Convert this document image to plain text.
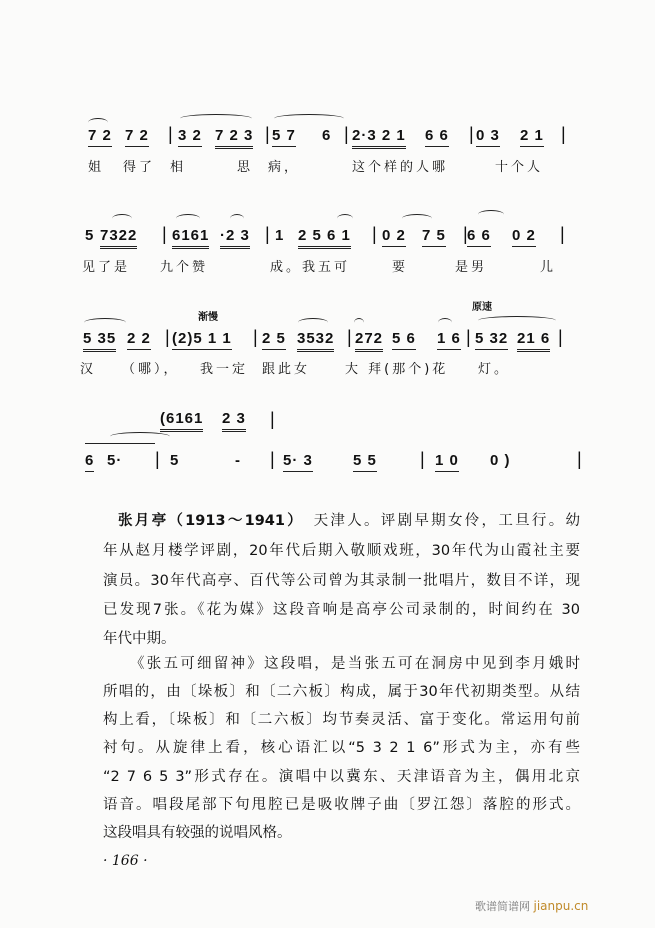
7 2 7 2 | 3 2 7 2 3 | 5 7 6 | 2·3 2 1 6 6 | 0 3 2 1 |
姐 得了 相	思 病，	这个样的人哪	十个人
5 7322 | 6161 ·2 3 | 1 2 5 6 1 | 0 2 7 5 | 6 6 0 2 |
见了是 九个赞	成。我五可	要	是男	儿
5 35 2 2 | (2)5 1 1 | 2 5 3532 | 272 5 6 1 6 | 5 32 21 6 |
汉 （哪）， 我一定 跟此女	大 拜(那个)花 灯。
渐慢
原速
6 5· | 5	- | 5· 3	5 5 | 1 0 0 )	|
(6161 2 3 |
张月亭（1913～1941）　 天津人。评剧早期女伶，工旦行。幼
年从赵月楼学评剧，20年代后期入敬顺戏班，30年代为山霞社主要
演员。30年代高亭、百代等公司曾为其录制一批唱片，数目不详，现
已发现7张。《花为媒》这段音响是高亭公司录制的，时间约在 30
年代中期。
《张五可细留神》这段唱，是当张五可在洞房中见到李月娥时
所唱的，由〔垛板〕和〔二六板〕构成，属于30年代初期类型。从结
构上看，〔垛板〕和〔二六板〕均节奏灵活、富于变化。常运用句前
衬句。从旋律上看，核心语汇以“5 3 2 1 6”形式为主，亦有些
“2 7 6 5 3”形式存在。演唱中以冀东、天津语音为主，偶用北京
语音。唱段尾部下句甩腔已是吸收牌子曲〔罗江怨〕落腔的形式。
这段唱具有较强的说唱风格。
· 166 ·
歌谱简谱网 jianpu.cn
